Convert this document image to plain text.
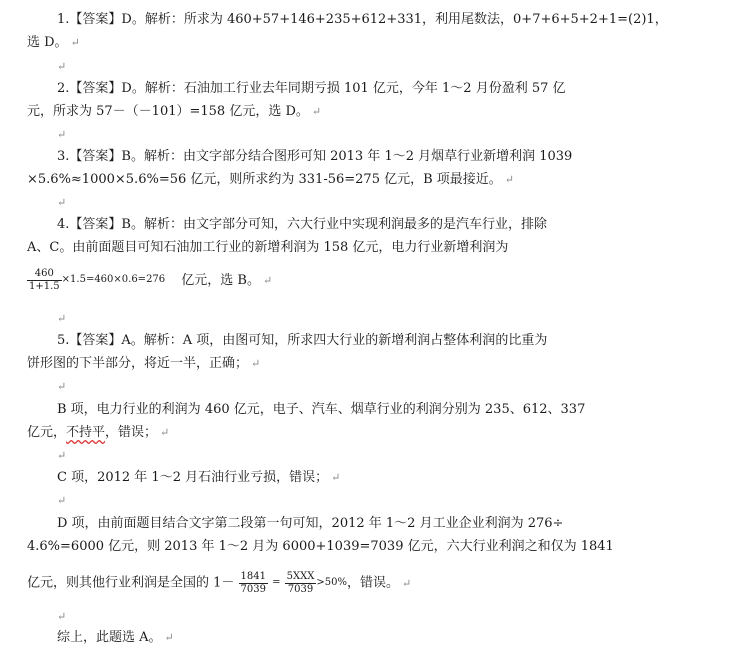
1.【答案】D。解析：所求为 460+57+146+235+612+331，利用尾数法，0+7+6+5+2+1=(2)1，
选 D。 ↵
↵
2.【答案】D。解析：石油加工行业去年同期亏损 101 亿元，今年 1～2 月份盈利 57 亿
元，所求为 57－（－101）=158 亿元，选 D。 ↵
↵
3.【答案】B。解析：由文字部分结合图形可知 2013 年 1～2 月烟草行业新增利润 1039
×5.6%≈1000×5.6%=56 亿元，则所求约为 331-56=275 亿元，B 项最接近。 ↵
↵
4.【答案】B。解析：由文字部分可知，六大行业中实现利润最多的是汽车行业，排除
A、C。由前面题目可知石油加工行业的新增利润为 158 亿元，电力行业新增利润为
$\frac{460}{1+1.5} \times 1.5=460\times 0.6=276$ 亿元，选 B。 ↵
↵
5.【答案】A。解析：A 项，由图可知，所求四大行业的新增利润占整体利润的比重为
饼形图的下半部分，将近一半，正确； ↵
↵
B 项，电力行业的利润为 460 亿元，电子、汽车、烟草行业的利润分别为 235、612、337
亿元，不持平，错误； ↵
↵
C 项，2012 年 1～2 月石油行业亏损，错误； ↵
↵
D 项，由前面题目结合文字第二段第一句可知，2012 年 1～2 月工业企业利润为 276÷
4.6%=6000 亿元，则 2013 年 1～2 月为 6000+1039=7039 亿元，六大行业利润之和仅为 1841
亿元，则其他行业利润是全国的 $1- \frac{1841}{7039} = \frac{\text{5XXX}}{7039} >50\%$，错误。 ↵
↵
综上，此题选 A。 ↵
